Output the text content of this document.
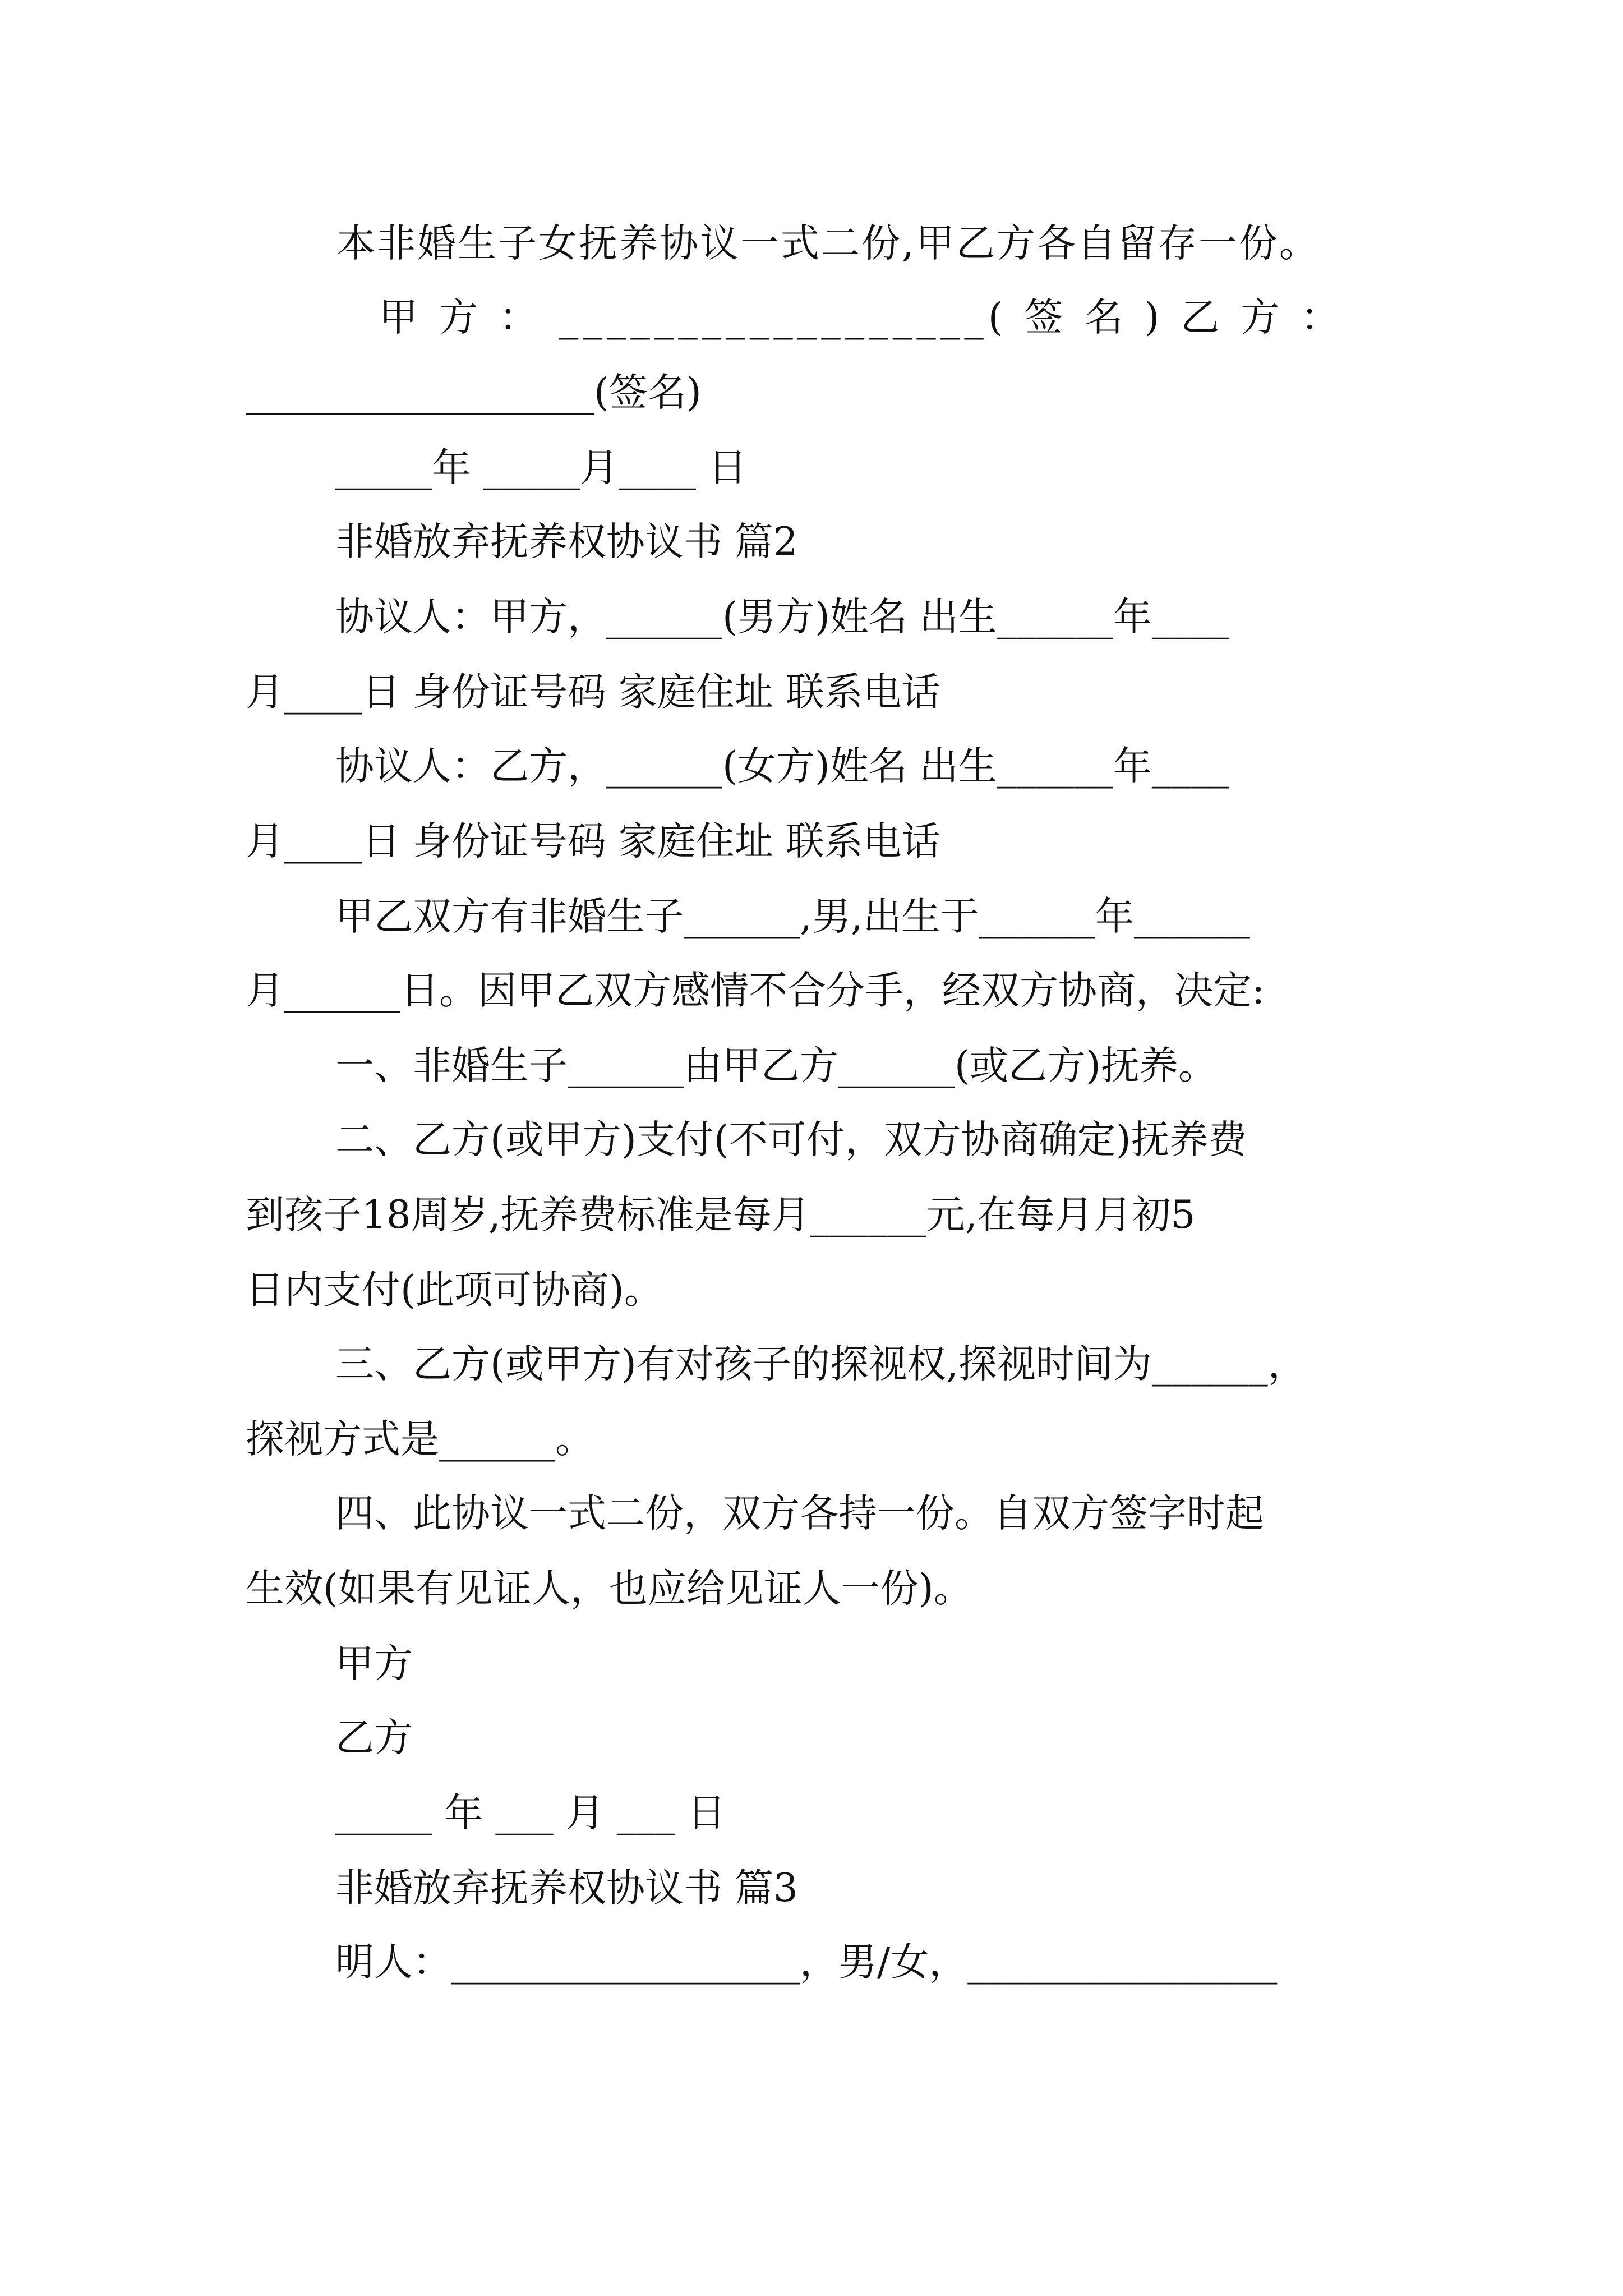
本非婚生子女抚养协议一式二份,甲乙方各自留存一份。
甲 方 ： __________________( 签 名 ) 乙 方 ：
__________________(签名)
_____年 _____月____ 日
非婚放弃抚养权协议书 篇2
协议人：甲方，______(男方)姓名 出生______年____
月____日 身份证号码 家庭住址 联系电话
协议人：乙方，______(女方)姓名 出生______年____
月____日 身份证号码 家庭住址 联系电话
甲乙双方有非婚生子______,男,出生于______年______
月______日。因甲乙双方感情不合分手，经双方协商，决定:
一、非婚生子______由甲乙方______(或乙方)抚养。
二、乙方(或甲方)支付(不可付，双方协商确定)抚养费
到孩子18周岁,抚养费标准是每月______元,在每月月初5
日内支付(此项可协商)。
三、乙方(或甲方)有对孩子的探视权,探视时间为______，
探视方式是______。
四、此协议一式二份，双方各持一份。自双方签字时起
生效(如果有见证人，也应给见证人一份)。
甲方
乙方
_____ 年 ___ 月 ___ 日
非婚放弃抚养权协议书 篇3
明人：__________________，男/女，________________
